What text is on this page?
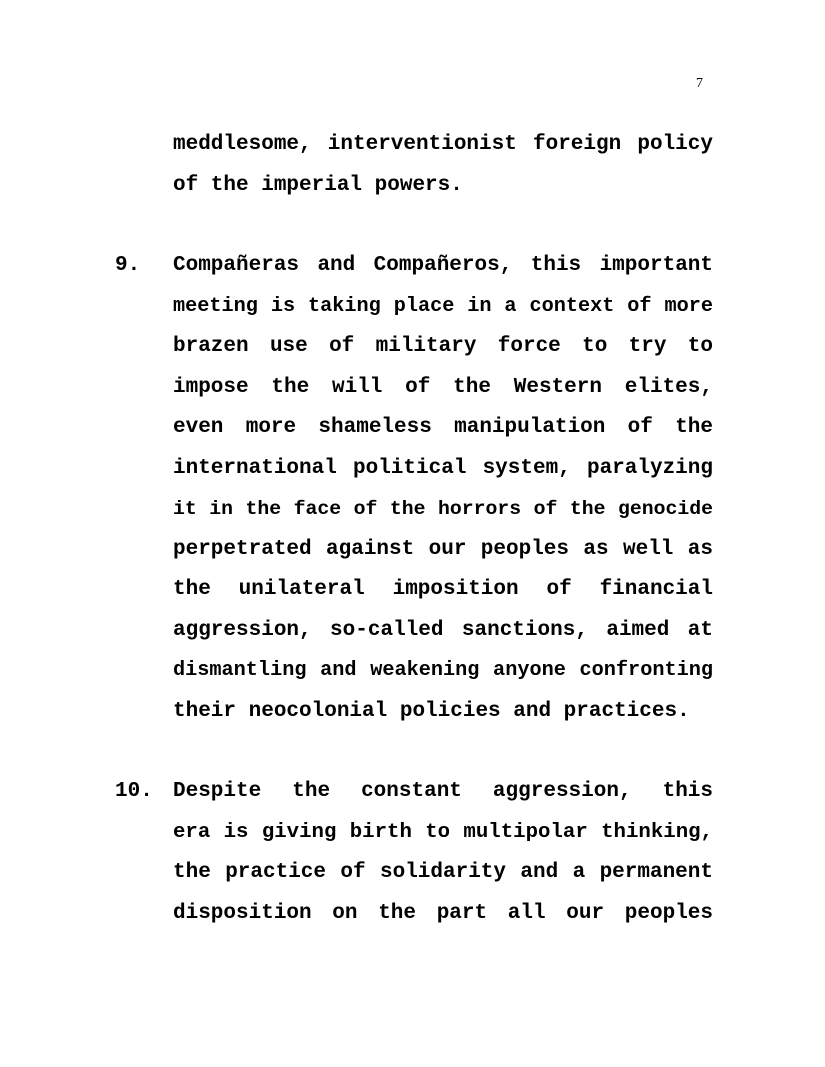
7
meddlesome, interventionist foreign policy
of the imperial powers.
9. Compañeras and Compañeros, this important
meeting is taking place in a context of more
brazen use of military force to try to
impose the will of the Western elites,
even more shameless manipulation of the
international political system, paralyzing
it in the face of the horrors of the genocide
perpetrated against our peoples as well as
the unilateral imposition of financial
aggression, so-called sanctions, aimed at
dismantling and weakening anyone confronting
their neocolonial policies and practices.
10. Despite the constant aggression, this
era is giving birth to multipolar thinking,
the practice of solidarity and a permanent
disposition on the part all our peoples
